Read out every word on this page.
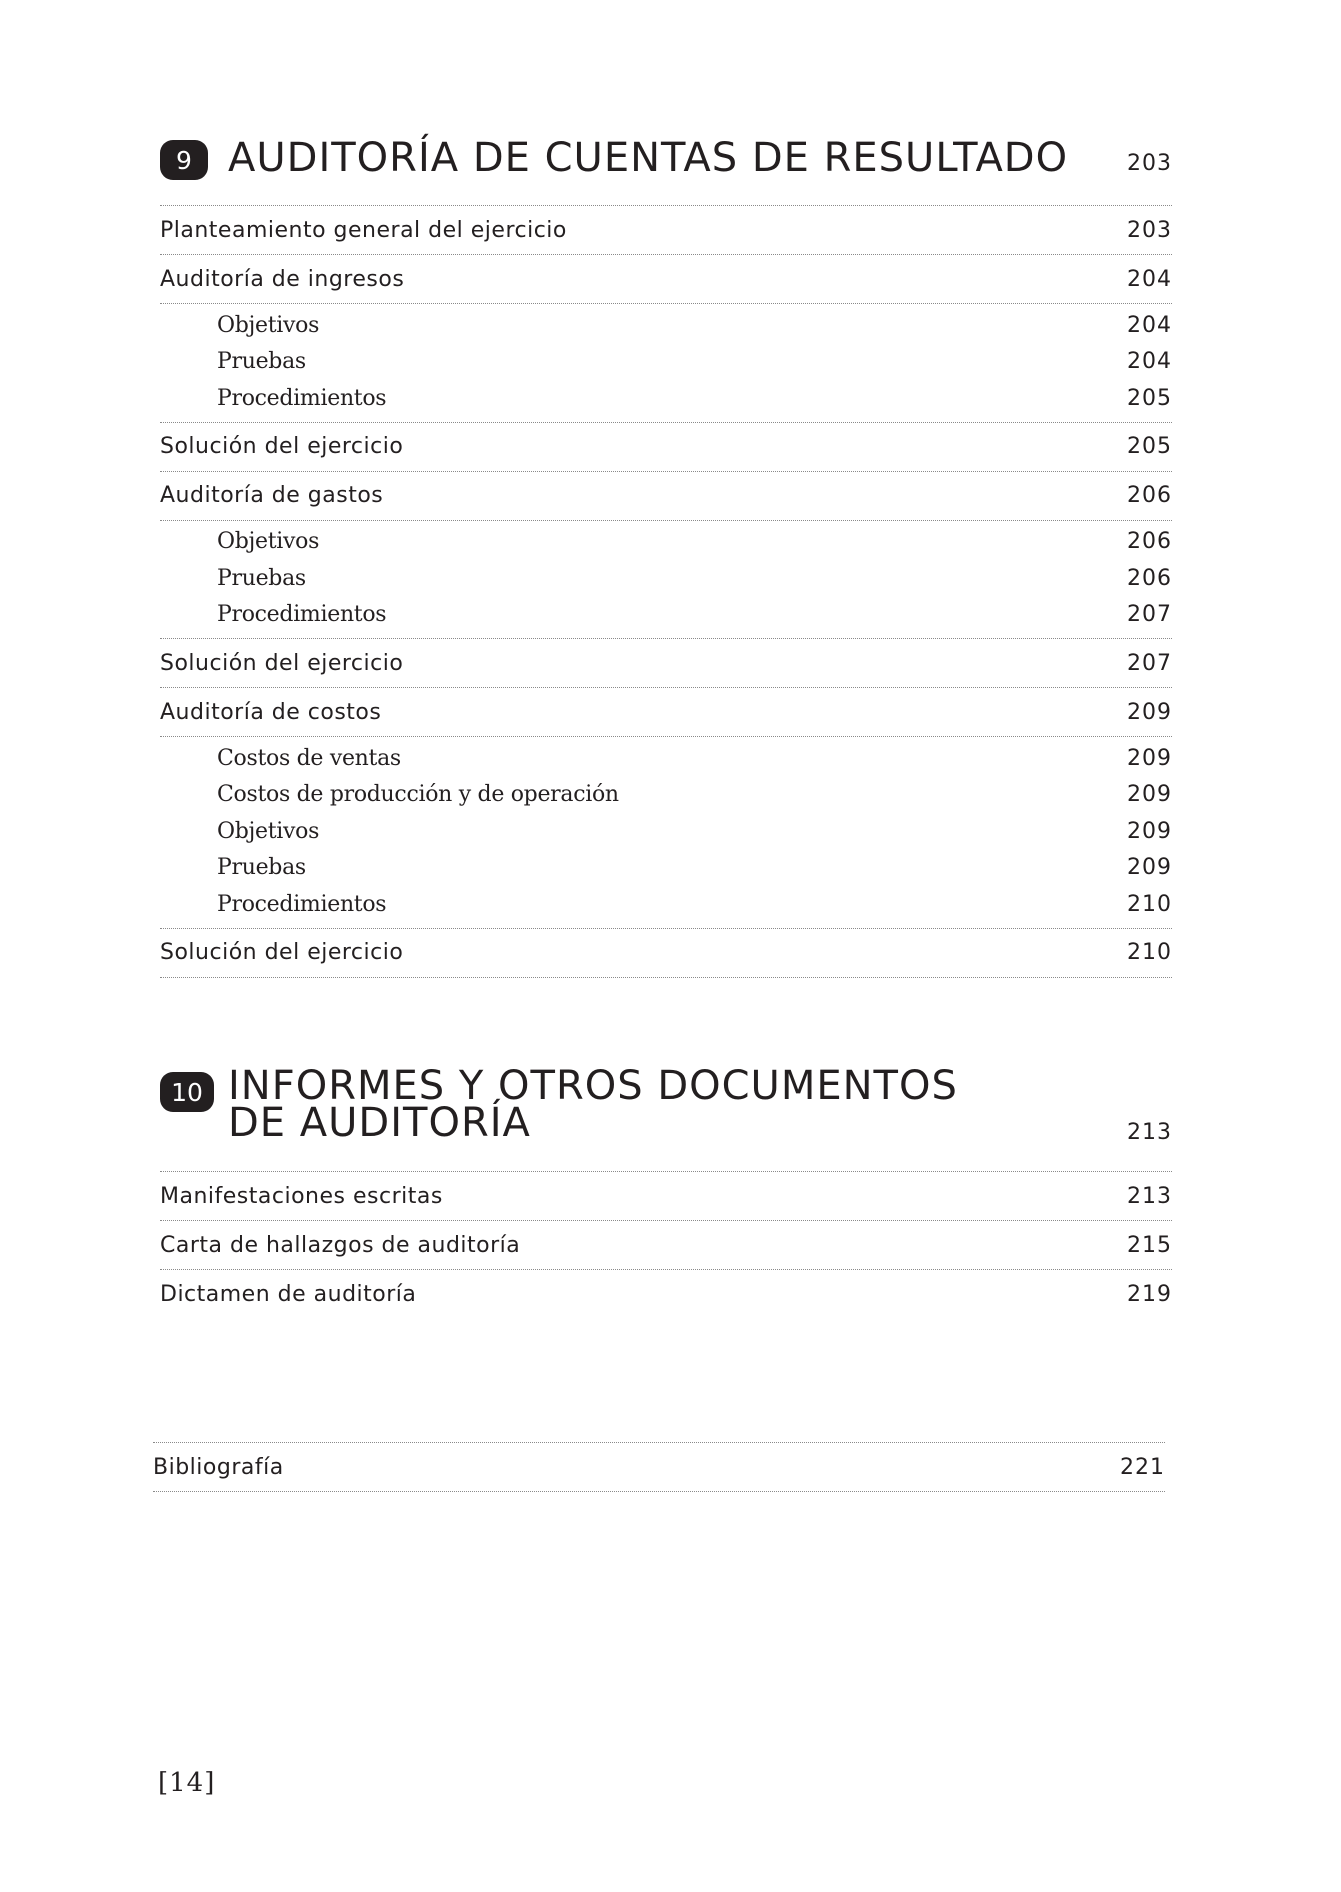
9 AUDITORÍA DE CUENTAS DE RESULTADO	203
Planteamiento general del ejercicio	203
Auditoría de ingresos	204
Objetivos	204
Pruebas	204
Procedimientos	205
Solución del ejercicio	205
Auditoría de gastos	206
Objetivos	206
Pruebas	206
Procedimientos	207
Solución del ejercicio	207
Auditoría de costos	209
Costos de ventas	209
Costos de producción y de operación	209
Objetivos	209
Pruebas	209
Procedimientos	210
Solución del ejercicio	210
10 INFORMES Y OTROS DOCUMENTOS
DE AUDITORÍA	213
Manifestaciones escritas	213
Carta de hallazgos de auditoría	215
Dictamen de auditoría	219
Bibliografía	221
[14]
